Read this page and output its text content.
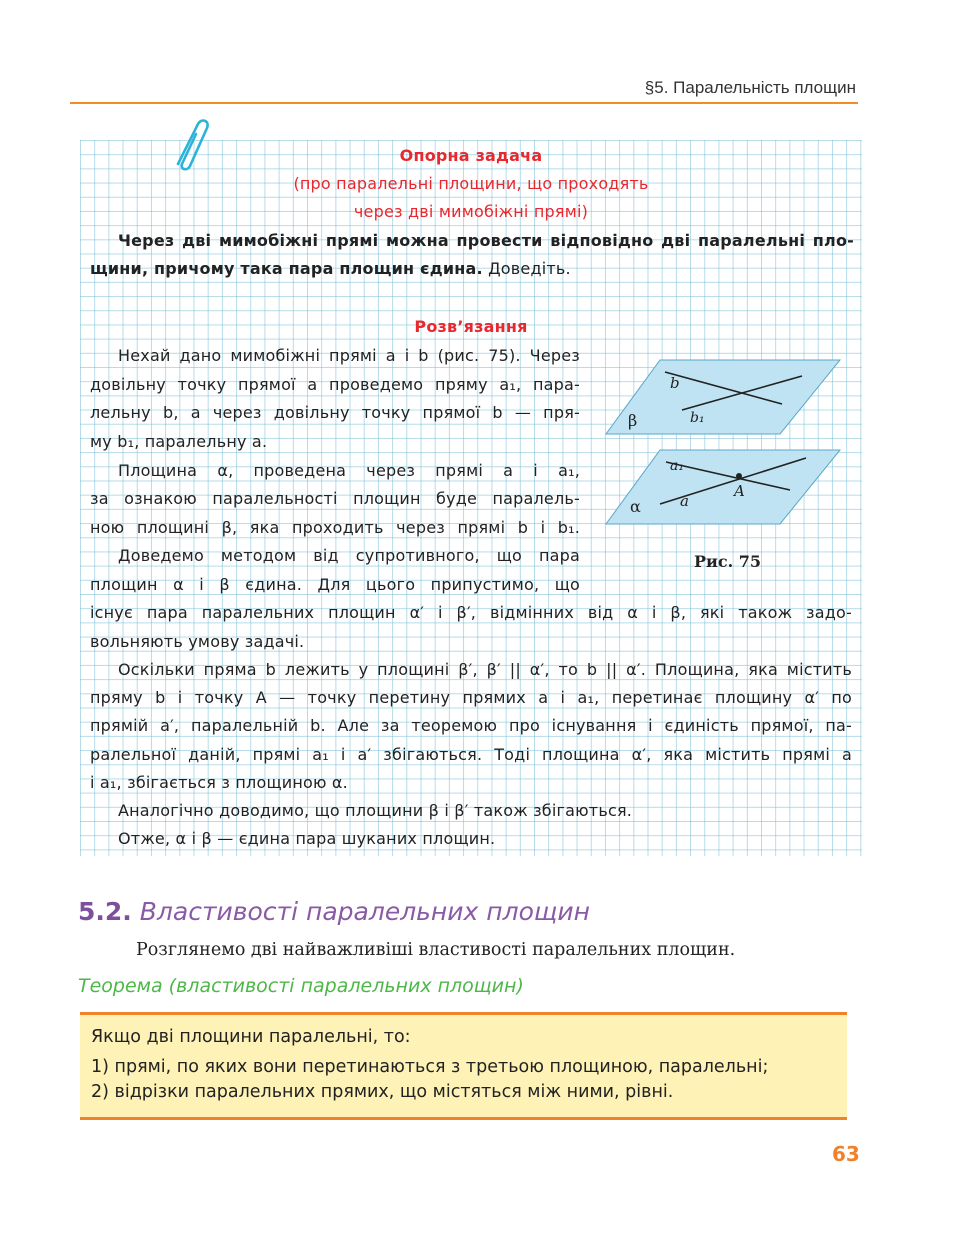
§5. Паралельність площин
Опорна задача
(про паралельні площини, що проходять
через дві мимобіжні прямі)
Через дві мимобіжні прямі можна провести відповідно дві паралельні пло-
щини, причому така пара площин єдина. Доведіть.
Розв’язання
Нехай дано мимобіжні прямі a і b (рис. 75). Через
довільну точку прямої a проведемо пряму a₁, пара-
лельну b, а через довільну точку прямої b — пря-
му b₁, паралельну a.
Площина α, проведена через прямі a і a₁,
за ознакою паралельності площин буде паралель-
ною площині β, яка проходить через прямі b і b₁.
Доведемо методом від супротивного, що пара
площин α і β єдина. Для цього припустимо, що
існує пара паралельних площин α′ і β′, відмінних від α і β, які також задо-
вольняють умову задачі.
Оскільки пряма b лежить у площині β′, β′ || α′, то b || α′. Площина, яка містить
пряму b і точку A — точку перетину прямих a і a₁, перетинає площину α′ по
прямій a′, паралельній b. Але за теоремою про існування і єдиність прямої, па-
ралельної даній, прямі a₁ і a′ збігаються. Тоді площина α′, яка містить прямі a
і a₁, збігається з площиною α.
Аналогічно доводимо, що площини β і β′ також збігаються.
Отже, α і β — єдина пара шуканих площин.
b
b₁
β
a₁
a
A
α
Рис. 75
5.2. Властивості паралельних площин
Розглянемо дві найважливіші властивості паралельних площин.
Теорема (властивості паралельних площин)
Якщо дві площини паралельні, то:
1) прямі, по яких вони перетинаються з третьою площиною, паралельні;
2) відрізки паралельних прямих, що містяться між ними, рівні.
63
